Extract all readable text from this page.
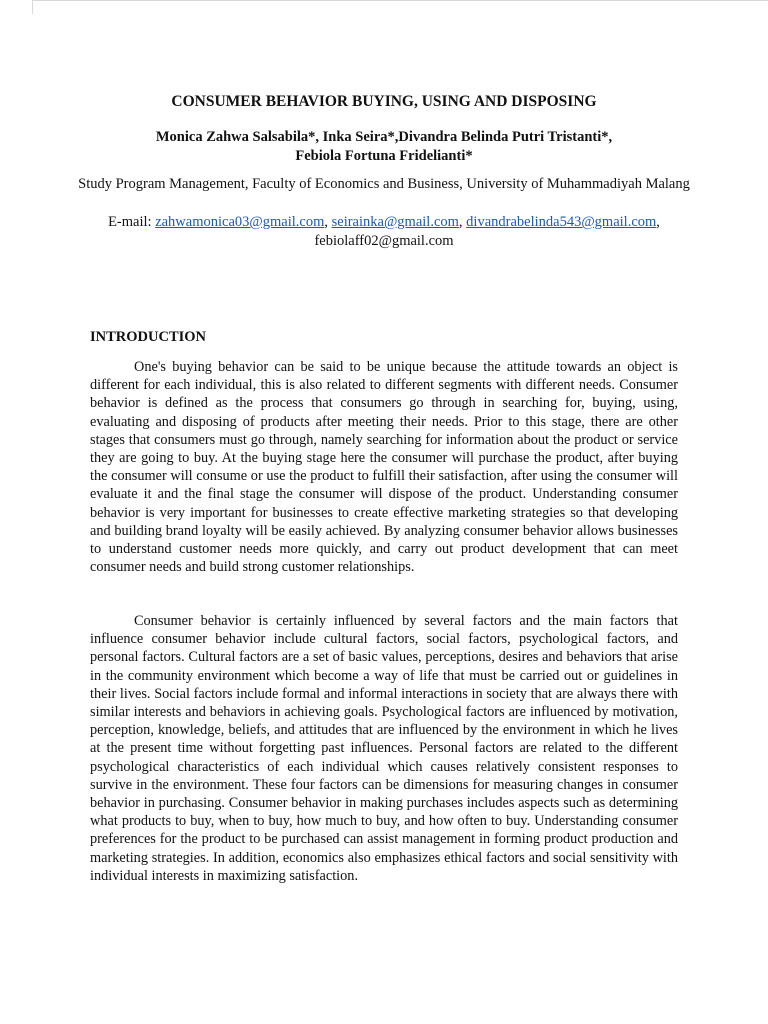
CONSUMER BEHAVIOR BUYING, USING AND DISPOSING
Monica Zahwa Salsabila*, Inka Seira*,Divandra Belinda Putri Tristanti*,
Febiola Fortuna Fridelianti*
Study Program Management, Faculty of Economics and Business, University of Muhammadiyah Malang
E-mail: zahwamonica03@gmail.com, seirainka@gmail.com, divandrabelinda543@gmail.com,
febiolaff02@gmail.com
INTRODUCTION

One's buying behavior can be said to be unique because the attitude towards an object is different for each individual, this is also related to different segments with different needs. Consumer behavior is defined as the process that consumers go through in searching for, buying, using, evaluating and disposing of products after meeting their needs. Prior to this stage, there are other stages that consumers must go through, namely searching for information about the product or service they are going to buy. At the buying stage here the consumer will purchase the product, after buying the consumer will consume or use the product to fulfill their satisfaction, after using the consumer will evaluate it and the final stage the consumer will dispose of the product. Understanding consumer behavior is very important for businesses to create effective marketing strategies so that developing and building brand loyalty will be easily achieved. By analyzing consumer behavior allows businesses to understand customer needs more quickly, and carry out product development that can meet consumer needs and build strong customer relationships.

Consumer behavior is certainly influenced by several factors and the main factors that influence consumer behavior include cultural factors, social factors, psychological factors, and personal factors. Cultural factors are a set of basic values, perceptions, desires and behaviors that arise in the community environment which become a way of life that must be carried out or guidelines in their lives. Social factors include formal and informal interactions in society that are always there with similar interests and behaviors in achieving goals. Psychological factors are influenced by motivation, perception, knowledge, beliefs, and attitudes that are influenced by the environment in which he lives at the present time without forgetting past influences. Personal factors are related to the different psychological characteristics of each individual which causes relatively consistent responses to survive in the environment. These four factors can be dimensions for measuring changes in consumer behavior in purchasing. Consumer behavior in making purchases includes aspects such as determining what products to buy, when to buy, how much to buy, and how often to buy. Understanding consumer preferences for the product to be purchased can assist management in forming product production and marketing strategies. In addition, economics also emphasizes ethical factors and social sensitivity with individual interests in maximizing satisfaction.
